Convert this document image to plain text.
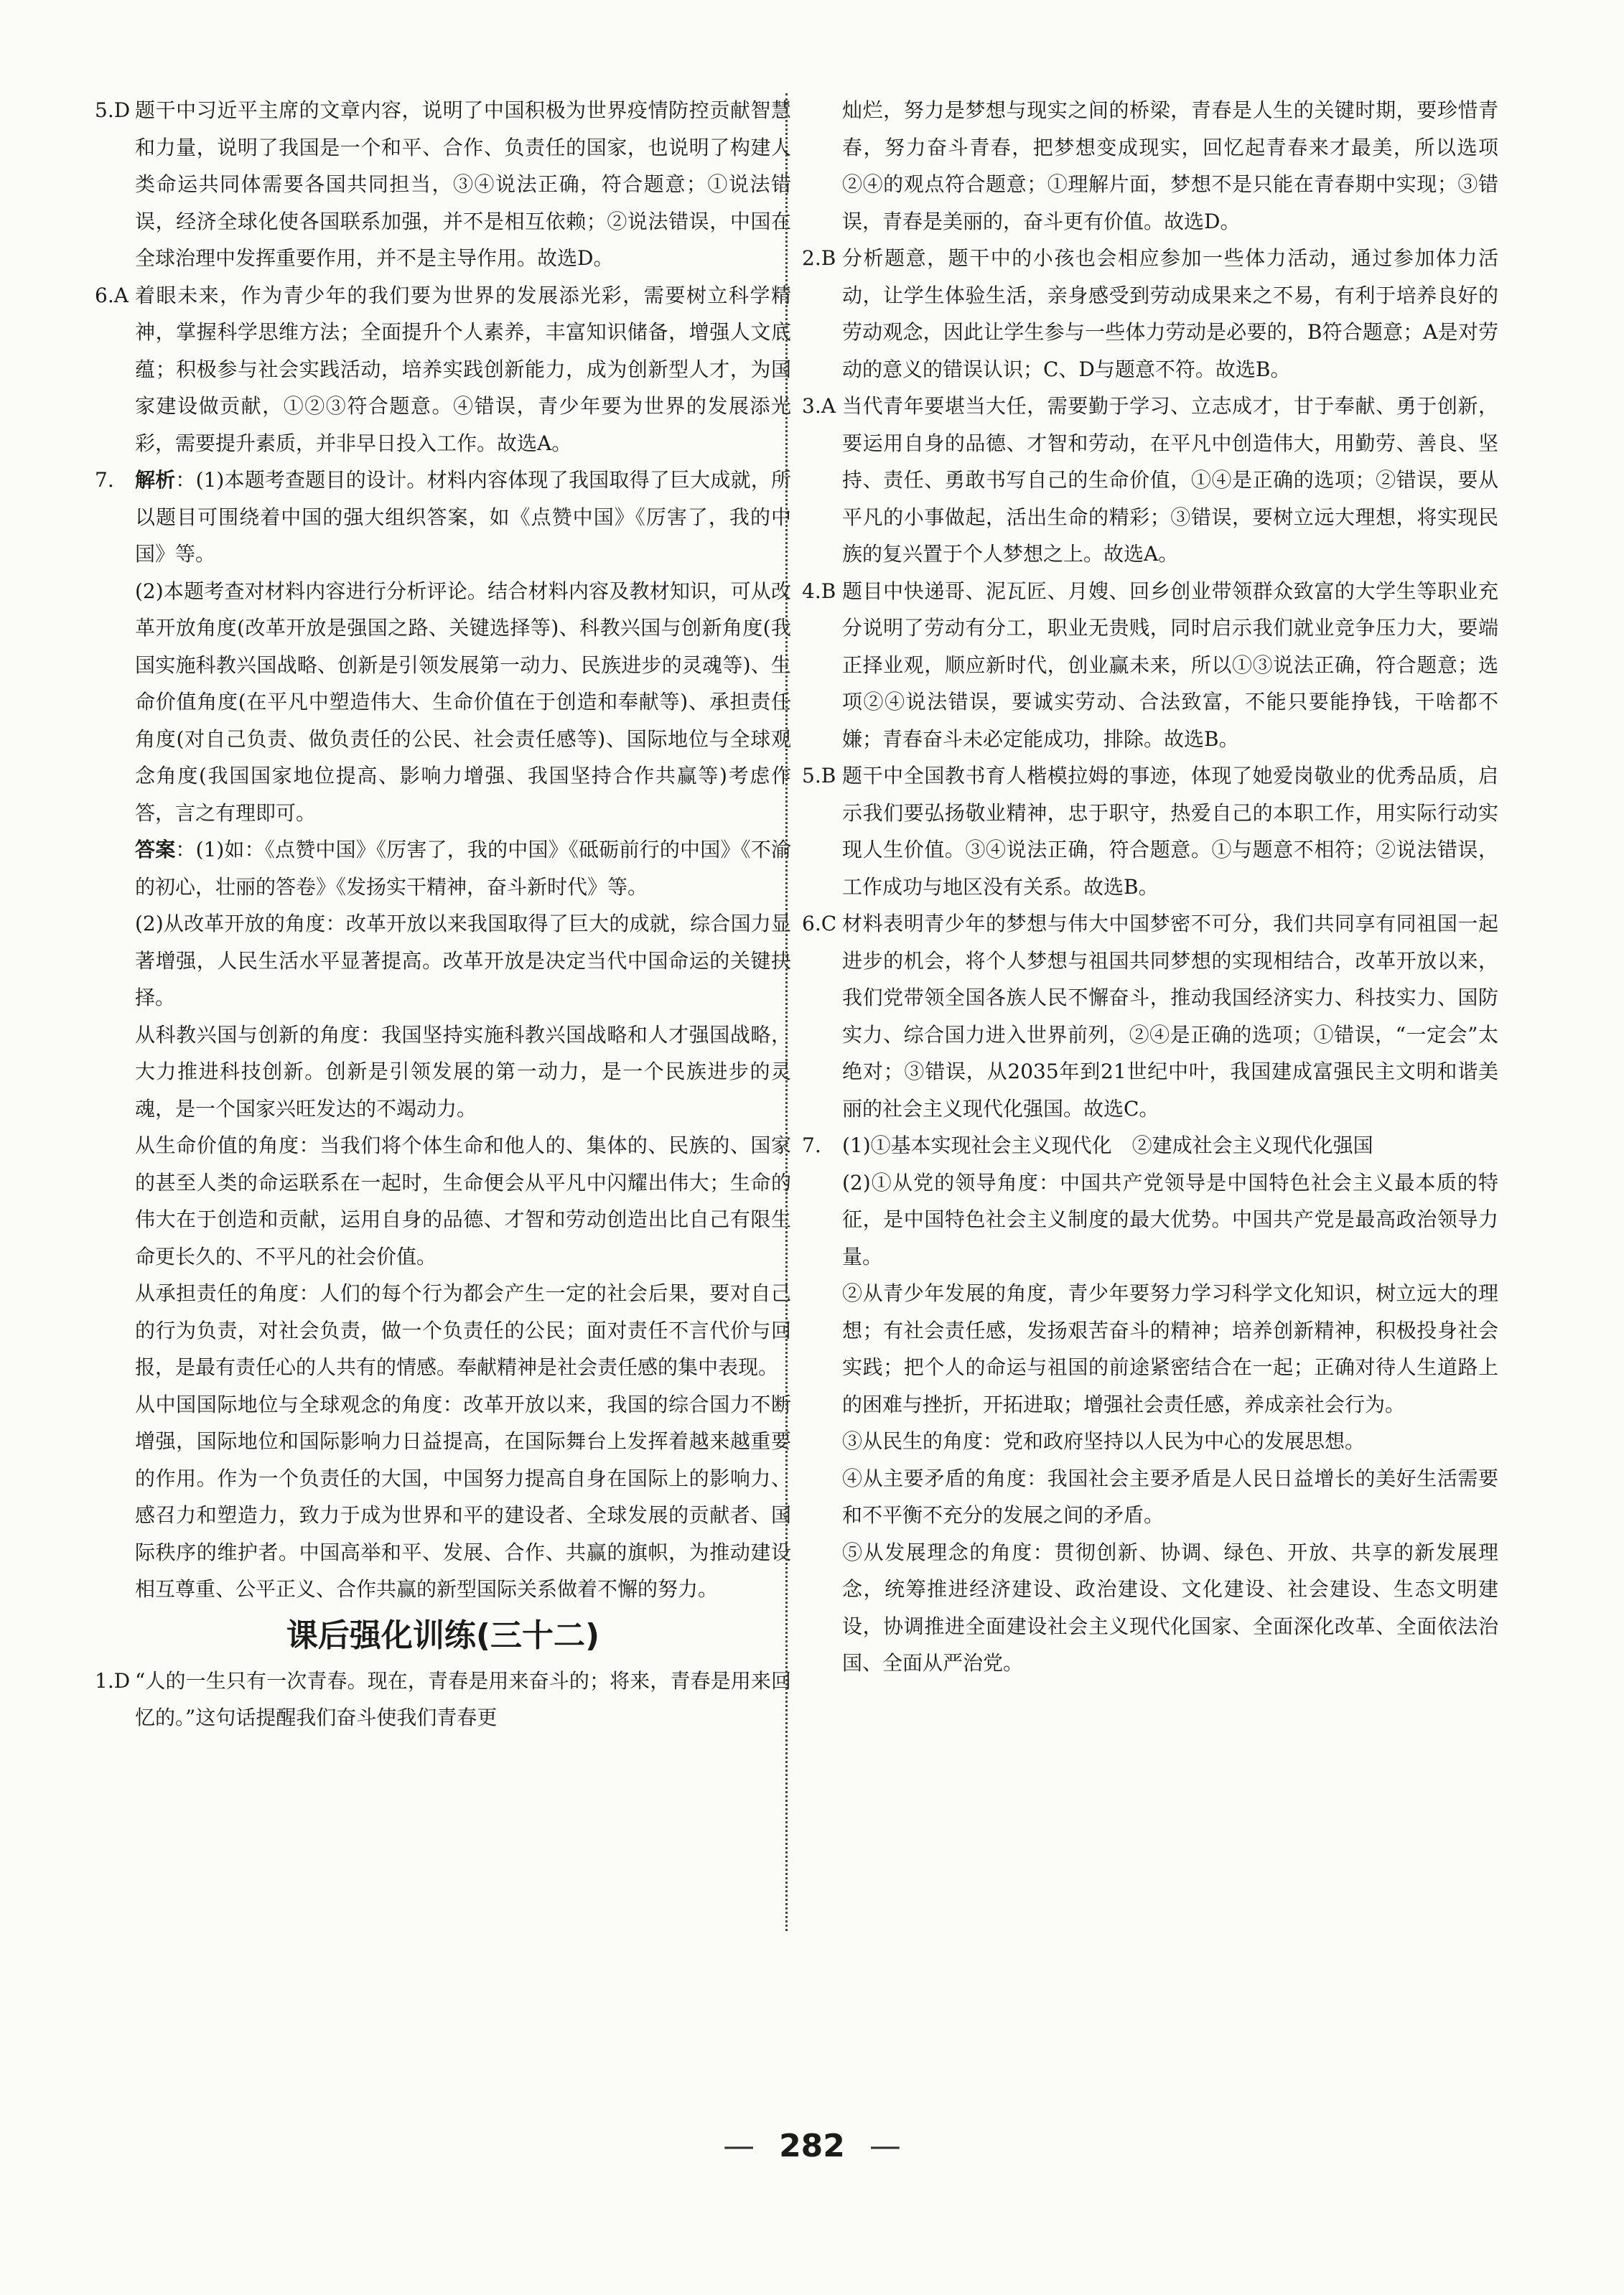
5.D 题干中习近平主席的文章内容，说明了中国积极为世界疫情防控贡献智慧和力量，说明了我国是一个和平、合作、负责任的国家，也说明了构建人类命运共同体需要各国共同担当，③④说法正确，符合题意；①说法错误，经济全球化使各国联系加强，并不是相互依赖；②说法错误，中国在全球治理中发挥重要作用，并不是主导作用。故选D。

6.A 着眼未来，作为青少年的我们要为世界的发展添光彩，需要树立科学精神，掌握科学思维方法；全面提升个人素养，丰富知识储备，增强人文底蕴；积极参与社会实践活动，培养实践创新能力，成为创新型人才，为国家建设做贡献，①②③符合题意。④错误，青少年要为世界的发展添光彩，需要提升素质，并非早日投入工作。故选A。

7.	解析：(1)本题考查题目的设计。材料内容体现了我国取得了巨大成就，所以题目可围绕着中国的强大组织答案，如《点赞中国》《厉害了，我的中国》等。

(2)本题考查对材料内容进行分析评论。结合材料内容及教材知识，可从改革开放角度(改革开放是强国之路、关键选择等)、科教兴国与创新角度(我国实施科教兴国战略、创新是引领发展第一动力、民族进步的灵魂等)、生命价值角度(在平凡中塑造伟大、生命价值在于创造和奉献等)、承担责任角度(对自己负责、做负责任的公民、社会责任感等)、国际地位与全球观念角度(我国国家地位提高、影响力增强、我国坚持合作共赢等)考虑作答，言之有理即可。

答案：(1)如：《点赞中国》《厉害了，我的中国》《砥砺前行的中国》《不渝的初心，壮丽的答卷》《发扬实干精神，奋斗新时代》等。

(2)从改革开放的角度：改革开放以来我国取得了巨大的成就，综合国力显著增强，人民生活水平显著提高。改革开放是决定当代中国命运的关键抉择。

从科教兴国与创新的角度：我国坚持实施科教兴国战略和人才强国战略，大力推进科技创新。创新是引领发展的第一动力，是一个民族进步的灵魂，是一个国家兴旺发达的不竭动力。

从生命价值的角度：当我们将个体生命和他人的、集体的、民族的、国家的甚至人类的命运联系在一起时，生命便会从平凡中闪耀出伟大；生命的伟大在于创造和贡献，运用自身的品德、才智和劳动创造出比自己有限生命更长久的、不平凡的社会价值。

从承担责任的角度：人们的每个行为都会产生一定的社会后果，要对自己的行为负责，对社会负责，做一个负责任的公民；面对责任不言代价与回报，是最有责任心的人共有的情感。奉献精神是社会责任感的集中表现。

从中国国际地位与全球观念的角度：改革开放以来，我国的综合国力不断增强，国际地位和国际影响力日益提高，在国际舞台上发挥着越来越重要的作用。作为一个负责任的大国，中国努力提高自身在国际上的影响力、感召力和塑造力，致力于成为世界和平的建设者、全球发展的贡献者、国际秩序的维护者。中国高举和平、发展、合作、共赢的旗帜，为推动建设相互尊重、公平正义、合作共赢的新型国际关系做着不懈的努力。

课后强化训练(三十二)

1.D “人的一生只有一次青春。现在，青春是用来奋斗的；将来，青春是用来回忆的。”这句话提醒我们奋斗使我们青春更

灿烂，努力是梦想与现实之间的桥梁，青春是人生的关键时期，要珍惜青春，努力奋斗青春，把梦想变成现实，回忆起青春来才最美，所以选项②④的观点符合题意；①理解片面，梦想不是只能在青春期中实现；③错误，青春是美丽的，奋斗更有价值。故选D。

2.B 分析题意，题干中的小孩也会相应参加一些体力活动，通过参加体力活动，让学生体验生活，亲身感受到劳动成果来之不易，有利于培养良好的劳动观念，因此让学生参与一些体力劳动是必要的，B符合题意；A是对劳动的意义的错误认识；C、D与题意不符。故选B。

3.A 当代青年要堪当大任，需要勤于学习、立志成才，甘于奉献、勇于创新，要运用自身的品德、才智和劳动，在平凡中创造伟大，用勤劳、善良、坚持、责任、勇敢书写自己的生命价值，①④是正确的选项；②错误，要从平凡的小事做起，活出生命的精彩；③错误，要树立远大理想，将实现民族的复兴置于个人梦想之上。故选A。

4.B 题目中快递哥、泥瓦匠、月嫂、回乡创业带领群众致富的大学生等职业充分说明了劳动有分工，职业无贵贱，同时启示我们就业竞争压力大，要端正择业观，顺应新时代，创业赢未来，所以①③说法正确，符合题意；选项②④说法错误，要诚实劳动、合法致富，不能只要能挣钱，干啥都不嫌；青春奋斗未必定能成功，排除。故选B。

5.B 题干中全国教书育人楷模拉姆的事迹，体现了她爱岗敬业的优秀品质，启示我们要弘扬敬业精神，忠于职守，热爱自己的本职工作，用实际行动实现人生价值。③④说法正确，符合题意。①与题意不相符；②说法错误，工作成功与地区没有关系。故选B。

6.C 材料表明青少年的梦想与伟大中国梦密不可分，我们共同享有同祖国一起进步的机会，将个人梦想与祖国共同梦想的实现相结合，改革开放以来，我们党带领全国各族人民不懈奋斗，推动我国经济实力、科技实力、国防实力、综合国力进入世界前列，②④是正确的选项；①错误，“一定会”太绝对；③错误，从2035年到21世纪中叶，我国建成富强民主文明和谐美丽的社会主义现代化强国。故选C。

7.	(1)①基本实现社会主义现代化　②建成社会主义现代化强国

(2)①从党的领导角度：中国共产党领导是中国特色社会主义最本质的特征，是中国特色社会主义制度的最大优势。中国共产党是最高政治领导力量。

②从青少年发展的角度，青少年要努力学习科学文化知识，树立远大的理想；有社会责任感，发扬艰苦奋斗的精神；培养创新精神，积极投身社会实践；把个人的命运与祖国的前途紧密结合在一起；正确对待人生道路上的困难与挫折，开拓进取；增强社会责任感，养成亲社会行为。

③从民生的角度：党和政府坚持以人民为中心的发展思想。

④从主要矛盾的角度：我国社会主要矛盾是人民日益增长的美好生活需要和不平衡不充分的发展之间的矛盾。

⑤从发展理念的角度：贯彻创新、协调、绿色、开放、共享的新发展理念，统筹推进经济建设、政治建设、文化建设、社会建设、生态文明建设，协调推进全面建设社会主义现代化国家、全面深化改革、全面依法治国、全面从严治党。

— 282 —
